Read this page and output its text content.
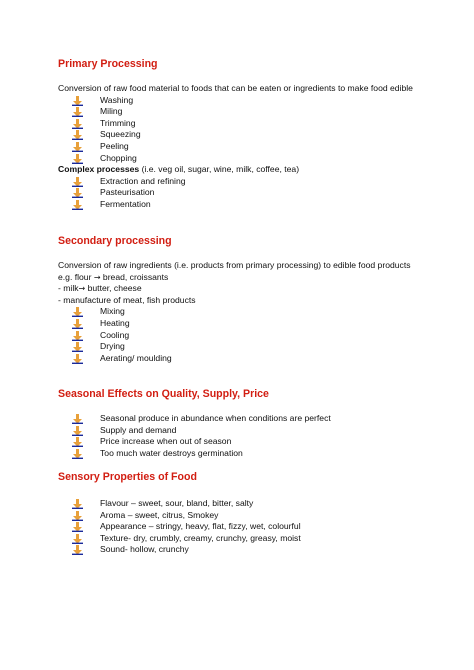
Primary Processing

Conversion of raw food material to foods that can be eaten or ingredients to make food edible

Washing
Miling
Trimming
Squeezing
Peeling
Chopping

Complex processes (i.e. veg oil, sugar, wine, milk, coffee, tea)

Extraction and refining
Pasteurisation
Fermentation
Secondary processing

Conversion of raw ingredients (i.e. products from primary processing) to edible food products

e.g. flour → bread, croissants

- milk→ butter, cheese

- manufacture of meat, fish products

Mixing
Heating
Cooling
Drying
Aerating/ moulding
Seasonal Effects on Quality, Supply, Price
Seasonal produce in abundance when conditions are perfect
Supply and demand
Price increase when out of season
Too much water destroys germination
Sensory Properties of Food
Flavour – sweet, sour, bland, bitter, salty
Aroma – sweet, citrus, Smokey
Appearance – stringy, heavy, flat, fizzy, wet, colourful
Texture- dry, crumbly, creamy, crunchy, greasy, moist
Sound- hollow, crunchy
